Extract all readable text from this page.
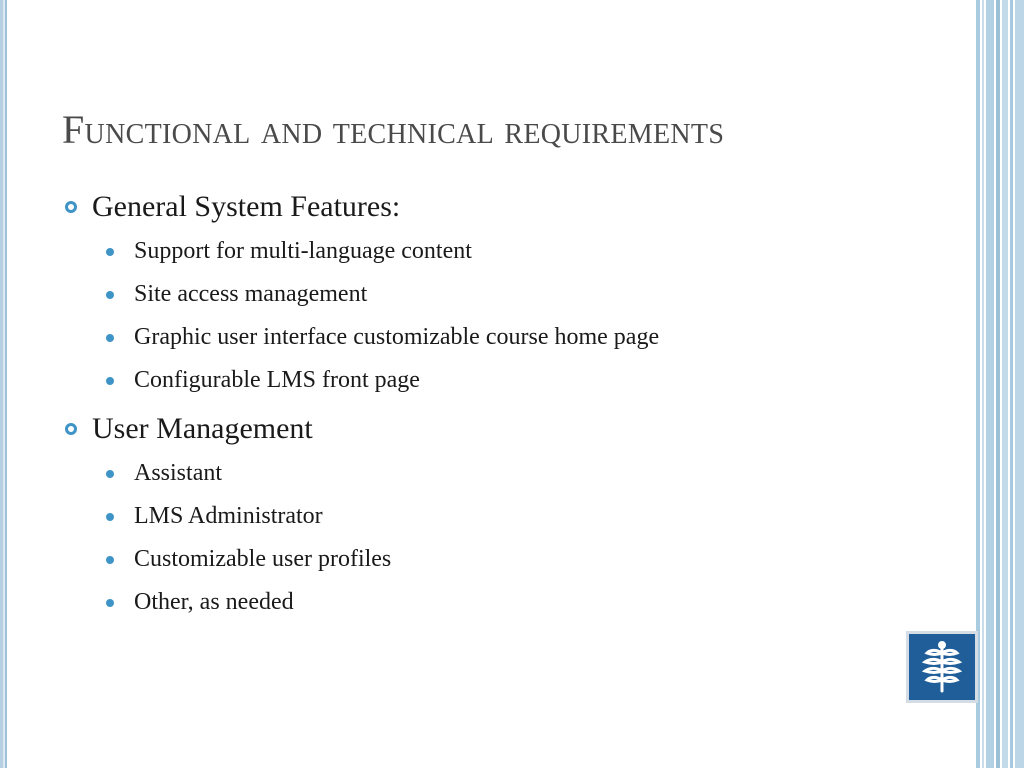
Functional and technical requirements
General System Features:
Support for multi-language content
Site access management
Graphic user interface customizable course home page
Configurable LMS front page
User Management
Assistant
LMS Administrator
Customizable user profiles
Other, as needed
